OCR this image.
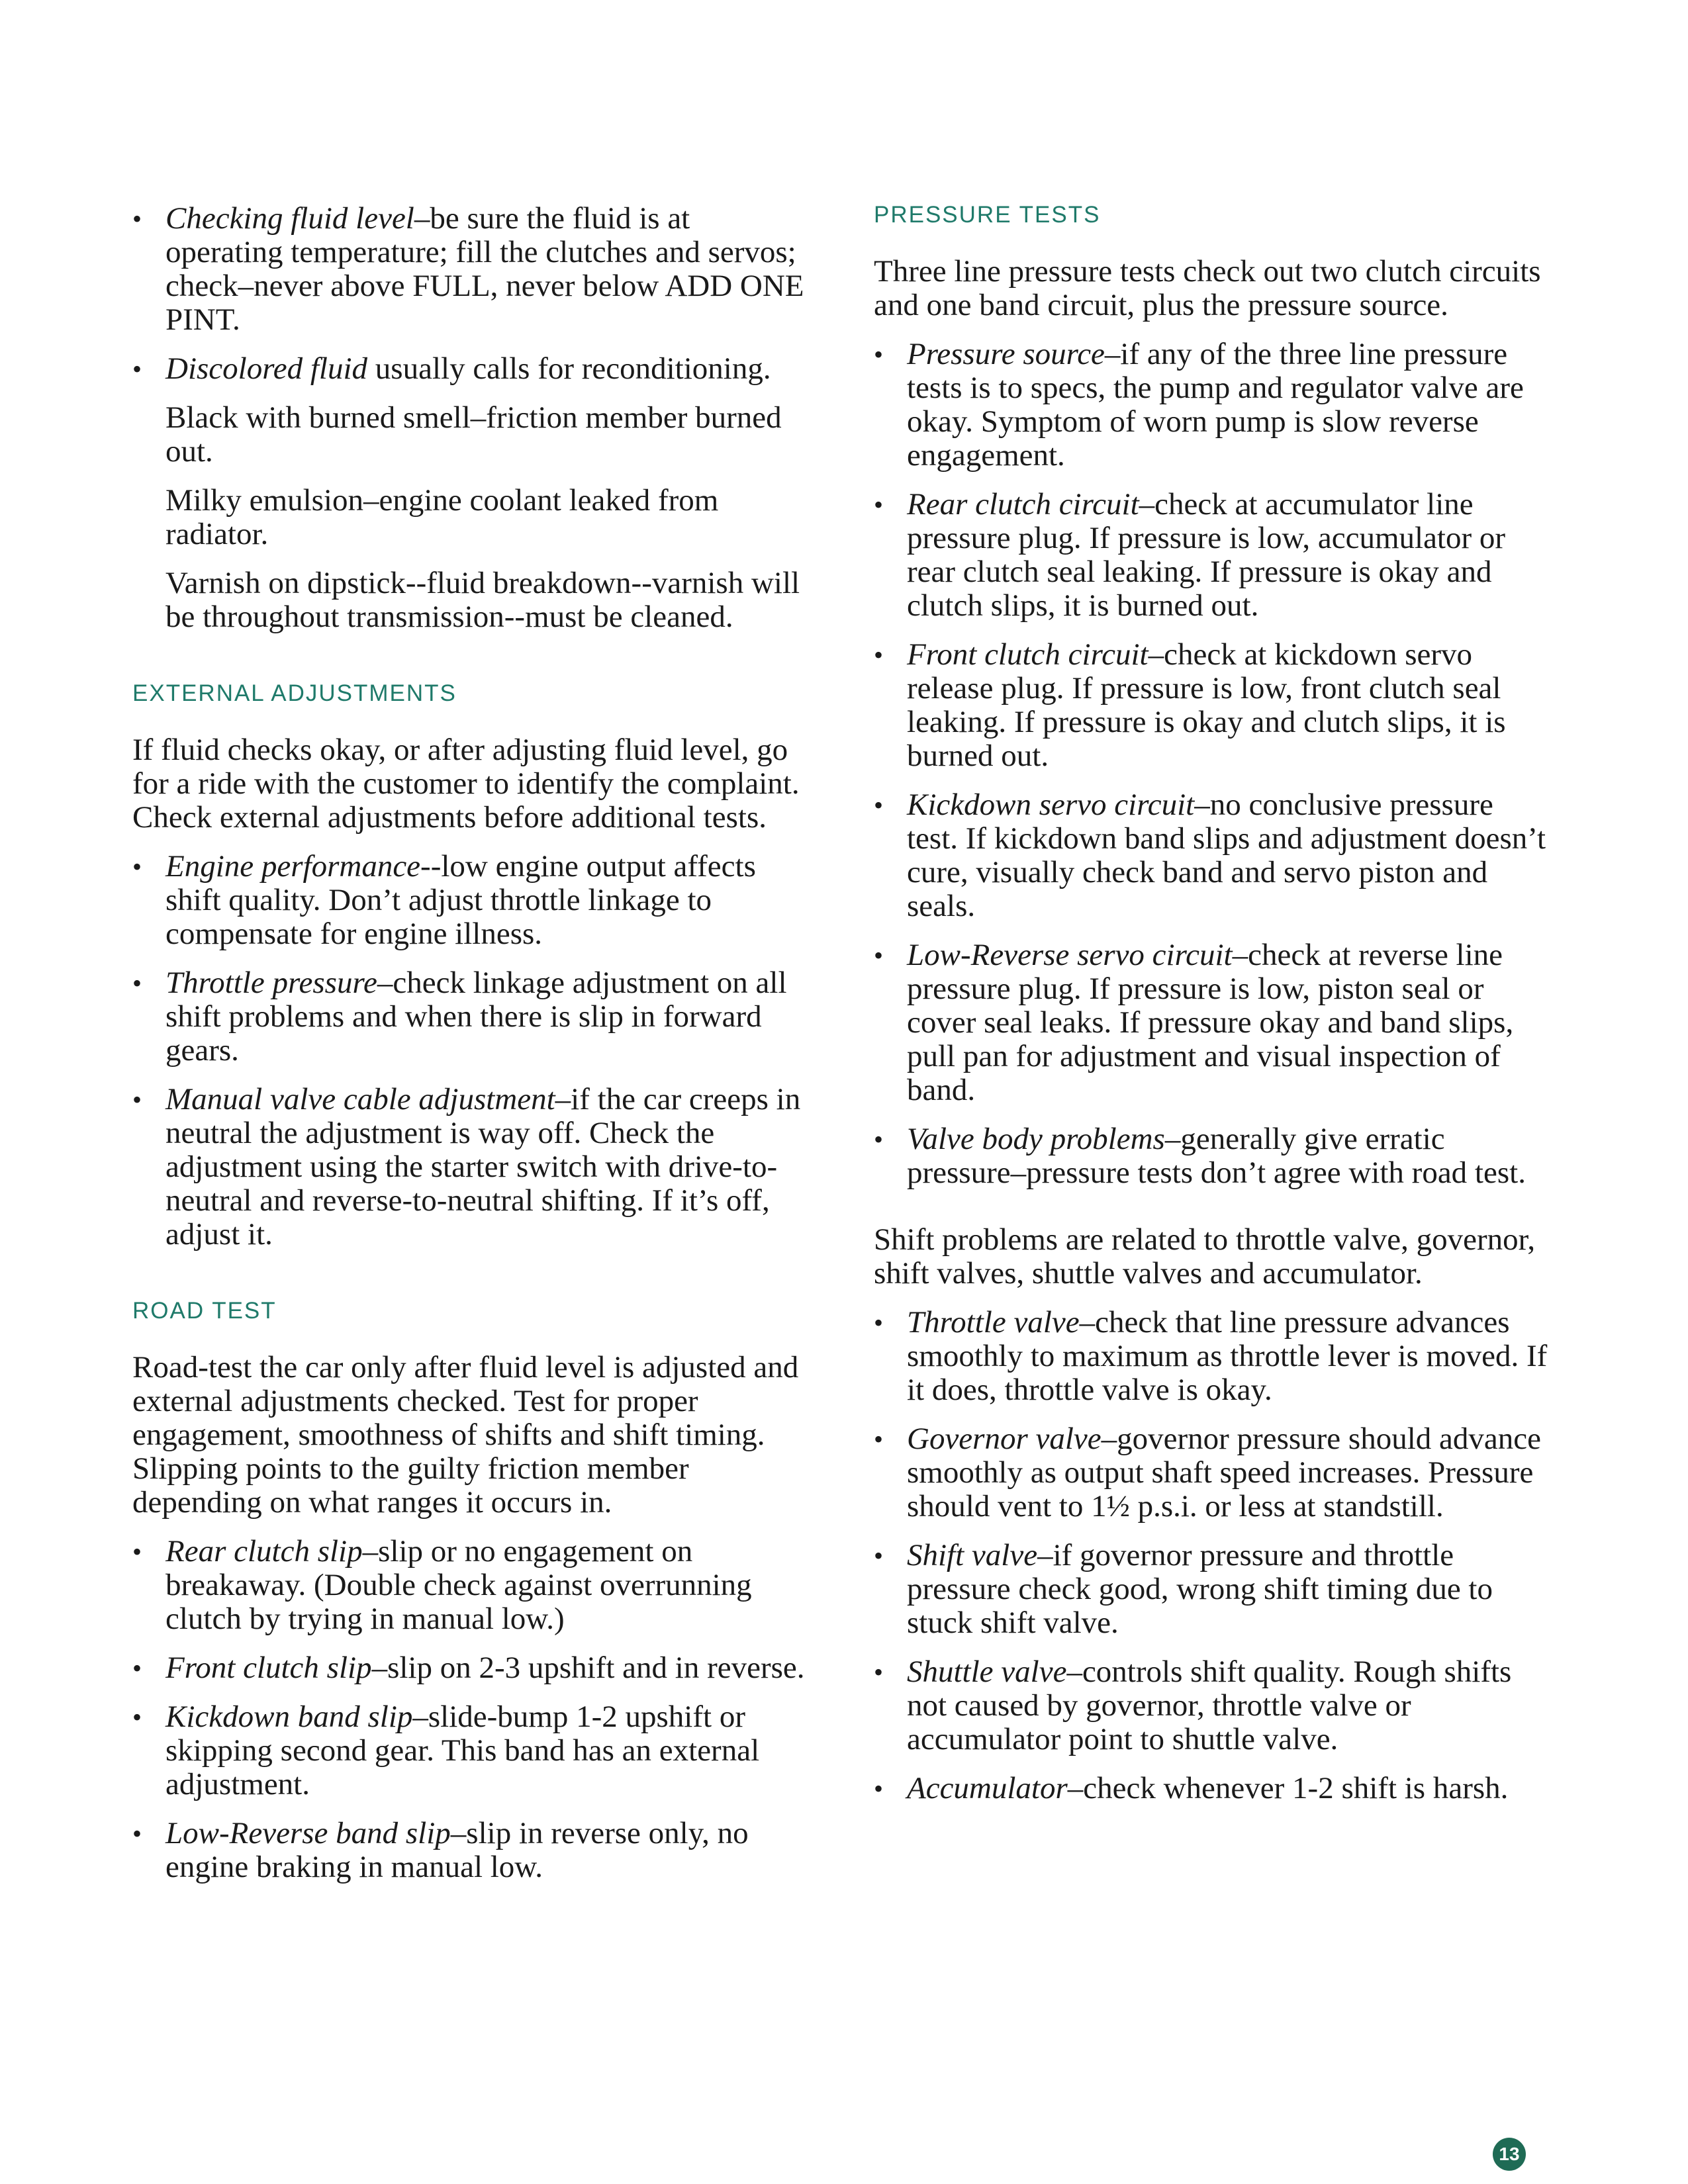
• Checking fluid level–be sure the fluid is at operating temperature; fill the clutches and servos; check–never above FULL, never below ADD ONE PINT.
• Discolored fluid usually calls for reconditioning.

Black with burned smell–friction member burned out.

Milky emulsion–engine coolant leaked from radiator.

Varnish on dipstick--fluid breakdown--varnish will be throughout transmission--must be cleaned.

EXTERNAL ADJUSTMENTS

If fluid checks okay, or after adjusting fluid level, go for a ride with the customer to identify the complaint. Check external adjustments before additional tests.

• Engine performance--low engine output affects shift quality. Don’t adjust throttle linkage to compensate for engine illness.
• Throttle pressure–check linkage adjustment on all shift problems and when there is slip in forward gears.
• Manual valve cable adjustment–if the car creeps in neutral the adjustment is way off. Check the adjustment using the starter switch with drive-to-neutral and reverse-to-neutral shifting. If it’s off, adjust it.
ROAD TEST

Road-test the car only after fluid level is adjusted and external adjustments checked. Test for proper engagement, smoothness of shifts and shift timing. Slipping points to the guilty friction member depending on what ranges it occurs in.

• Rear clutch slip–slip or no engagement on breakaway. (Double check against overrunning clutch by trying in manual low.)
• Front clutch slip–slip on 2-3 upshift and in reverse.
• Kickdown band slip–slide-bump 1-2 upshift or skipping second gear. This band has an external adjustment.
• Low-Reverse band slip–slip in reverse only, no engine braking in manual low.
PRESSURE TESTS

Three line pressure tests check out two clutch circuits and one band circuit, plus the pressure source.

• Pressure source–if any of the three line pressure tests is to specs, the pump and regulator valve are okay. Symptom of worn pump is slow reverse engagement.
• Rear clutch circuit–check at accumulator line pressure plug. If pressure is low, accumulator or rear clutch seal leaking. If pressure is okay and clutch slips, it is burned out.
• Front clutch circuit–check at kickdown servo release plug. If pressure is low, front clutch seal leaking. If pressure is okay and clutch slips, it is burned out.
• Kickdown servo circuit–no conclusive pressure test. If kickdown band slips and adjustment doesn’t cure, visually check band and servo piston and seals.
• Low-Reverse servo circuit–check at reverse line pressure plug. If pressure is low, piston seal or cover seal leaks. If pressure okay and band slips, pull pan for adjustment and visual inspection of band.
• Valve body problems–generally give erratic pressure–pressure tests don’t agree with road test.

Shift problems are related to throttle valve, governor, shift valves, shuttle valves and accumulator.

• Throttle valve–check that line pressure advances smoothly to maximum as throttle lever is moved. If it does, throttle valve is okay.
• Governor valve–governor pressure should advance smoothly as output shaft speed increases. Pressure should vent to 1½ p.s.i. or less at standstill.
• Shift valve–if governor pressure and throttle pressure check good, wrong shift timing due to stuck shift valve.
• Shuttle valve–controls shift quality. Rough shifts not caused by governor, throttle valve or accumulator point to shuttle valve.
• Accumulator–check whenever 1-2 shift is harsh.
13
